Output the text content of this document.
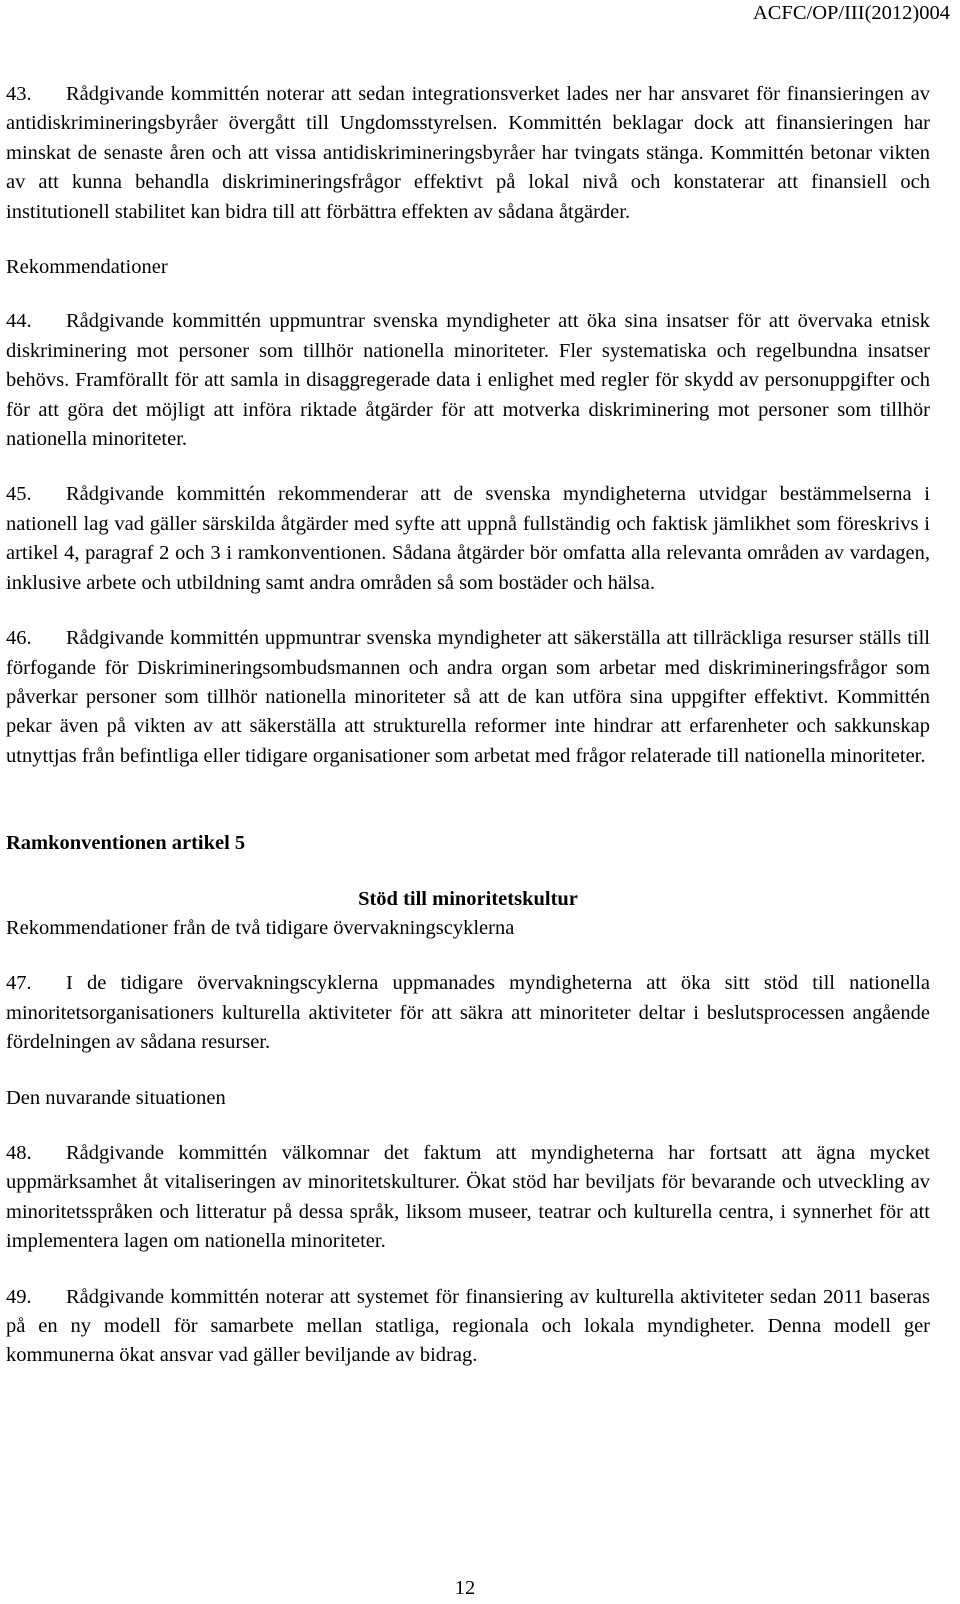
ACFC/OP/III(2012)004

43. Rådgivande kommittén noterar att sedan integrationsverket lades ner har ansvaret för finansieringen av antidiskrimineringsbyråer övergått till Ungdomsstyrelsen. Kommittén beklagar dock att finansieringen har minskat de senaste åren och att vissa antidiskrimineringsbyråer har tvingats stänga. Kommittén betonar vikten av att kunna behandla diskrimineringsfrågor effektivt på lokal nivå och konstaterar att finansiell och institutionell stabilitet kan bidra till att förbättra effekten av sådana åtgärder.

Rekommendationer

44. Rådgivande kommittén uppmuntrar svenska myndigheter att öka sina insatser för att övervaka etnisk diskriminering mot personer som tillhör nationella minoriteter. Fler systematiska och regelbundna insatser behövs. Framförallt för att samla in disaggregerade data i enlighet med regler för skydd av personuppgifter och för att göra det möjligt att införa riktade åtgärder för att motverka diskriminering mot personer som tillhör nationella minoriteter.

45. Rådgivande kommittén rekommenderar att de svenska myndigheterna utvidgar bestämmelserna i nationell lag vad gäller särskilda åtgärder med syfte att uppnå fullständig och faktisk jämlikhet som föreskrivs i artikel 4, paragraf 2 och 3 i ramkonventionen. Sådana åtgärder bör omfatta alla relevanta områden av vardagen, inklusive arbete och utbildning samt andra områden så som bostäder och hälsa.

46. Rådgivande kommittén uppmuntrar svenska myndigheter att säkerställa att tillräckliga resurser ställs till förfogande för Diskrimineringsombudsmannen och andra organ som arbetar med diskrimineringsfrågor som påverkar personer som tillhör nationella minoriteter så att de kan utföra sina uppgifter effektivt. Kommittén pekar även på vikten av att säkerställa att strukturella reformer inte hindrar att erfarenheter och sakkunskap utnyttjas från befintliga eller tidigare organisationer som arbetat med frågor relaterade till nationella minoriteter.

Ramkonventionen artikel 5

Stöd till minoritetskultur

Rekommendationer från de två tidigare övervakningscyklerna

47. I de tidigare övervakningscyklerna uppmanades myndigheterna att öka sitt stöd till nationella minoritetsorganisationers kulturella aktiviteter för att säkra att minoriteter deltar i beslutsprocessen angående fördelningen av sådana resurser.

Den nuvarande situationen

48. Rådgivande kommittén välkomnar det faktum att myndigheterna har fortsatt att ägna mycket uppmärksamhet åt vitaliseringen av minoritetskulturer. Ökat stöd har beviljats för bevarande och utveckling av minoritetsspråken och litteratur på dessa språk, liksom museer, teatrar och kulturella centra, i synnerhet för att implementera lagen om nationella minoriteter.

49. Rådgivande kommittén noterar att systemet för finansiering av kulturella aktiviteter sedan 2011 baseras på en ny modell för samarbete mellan statliga, regionala och lokala myndigheter. Denna modell ger kommunerna ökat ansvar vad gäller beviljande av bidrag.

12
